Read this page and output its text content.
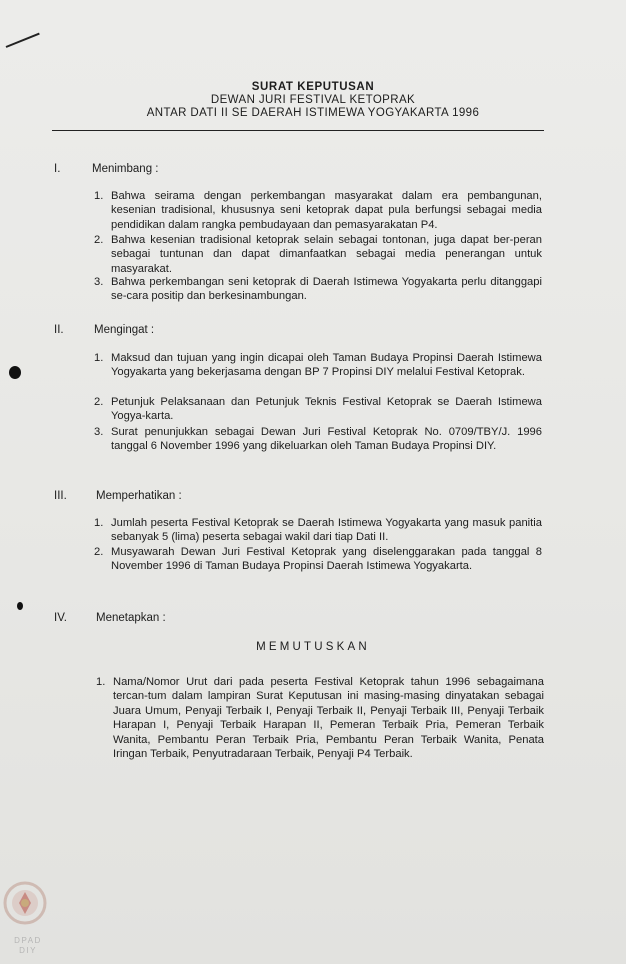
SURAT KEPUTUSAN
DEWAN JURI FESTIVAL KETOPRAK
ANTAR DATI II SE DAERAH ISTIMEWA YOGYAKARTA 1996
I.	Menimbang :
1. Bahwa seirama dengan perkembangan masyarakat dalam era pembangunan, kesenian tradisional, khususnya seni ketoprak dapat pula berfungsi sebagai media pendidikan dalam rangka pembudayaan dan pemasyarakatan P4.
2. Bahwa kesenian tradisional ketoprak selain sebagai tontonan, juga dapat ber-peran sebagai tuntunan dan dapat dimanfaatkan sebagai media penerangan untuk masyarakat.
3. Bahwa perkembangan seni ketoprak di Daerah Istimewa Yogyakarta perlu ditanggapi se-cara positip dan berkesinambungan.
II.	Mengingat :
1. Maksud dan tujuan yang ingin dicapai oleh Taman Budaya Propinsi Daerah Istimewa Yogyakarta yang bekerjasama dengan BP 7 Propinsi DIY melalui Festival Ketoprak.
2. Petunjuk Pelaksanaan dan Petunjuk Teknis Festival Ketoprak se Daerah Istimewa Yogya-karta.
3. Surat penunjukkan sebagai Dewan Juri Festival Ketoprak No. 0709/TBY/J. 1996 tanggal 6 November 1996 yang dikeluarkan oleh Taman Budaya Propinsi DIY.
III.	Memperhatikan :
1. Jumlah peserta Festival Ketoprak se Daerah Istimewa Yogyakarta yang masuk panitia sebanyak 5 (lima) peserta sebagai wakil dari tiap Dati II.
2. Musyawarah Dewan Juri Festival Ketoprak yang diselenggarakan pada tanggal 8 November 1996 di Taman Budaya Propinsi Daerah Istimewa Yogyakarta.
IV.	Menetapkan :
MEMUTUSKAN
1. Nama/Nomor Urut dari pada peserta Festival Ketoprak tahun 1996 sebagaimana tercan-tum dalam lampiran Surat Keputusan ini masing-masing dinyatakan sebagai Juara Umum, Penyaji Terbaik I, Penyaji Terbaik II, Penyaji Terbaik III, Penyaji Terbaik Harapan I, Penyaji Terbaik Harapan II, Pemeran Terbaik Pria, Pemeran Terbaik Wanita, Pembantu Peran Terbaik Pria, Pembantu Peran Terbaik Wanita, Penata Iringan Terbaik, Penyutradaraan Terbaik, Penyaji P4 Terbaik.
DPAD
DIY
